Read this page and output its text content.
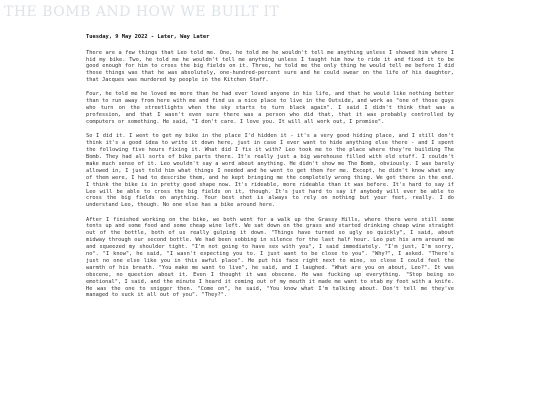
THE BOMB AND HOW WE BUILT IT
Tuesday, 9 May 2022 - Later, Way Later

There are a few things that Leo told me. One, he told me he wouldn't tell me anything unless I showed him where I hid my bike. Two, he told me he wouldn't tell me anything unless I taught him how to ride it and fixed it to be good enough for him to cross the big fields on it. Three, he told me the only thing he would tell me before I did those things was that he was absolutely, one-hundred-percent sure and he could swear on the life of his daughter, that Jacques was murdered by people in the Kitchen Staff.

Four, he told me he loved me more than he had ever loved anyone in his life, and that he would like nothing better than to run away from here with me and find us a nice place to live in the Outside, and work as "one of those guys who turn on the streetlights when the sky starts to turn black again". I said I didn't think that was a profession, and that I wasn't even sure there was a person who did that, that it was probably controlled by computers or something. He said, "I don't care. I love you. It will all work out, I promise".

So I did it. I went to get my bike in the place I'd hidden it - it's a very good hiding place, and I still don't think it's a good idea to write it down here, just in case I ever want to hide anything else there - and I spent the following five hours fixing it. What did I fix it with? Leo took me to the place where they're building The Bomb. They had all sorts of bike parts there. It's really just a big warehouse filled with old stuff. I couldn't make much sense of it. Leo wouldn't say a word about anything. He didn't show me The Bomb, obviously. I was barely allowed in, I just told him what things I needed and he went to get them for me. Except, he didn't know what any of them were, I had to describe them, and he kept bringing me the completely wrong thing. We got there in the end. I think the bike is in pretty good shape now. It's rideable, more rideable than it was before. It's hard to say if Leo will be able to cross the big fields on it, though. It's just hard to say if anybody will ever be able to cross the big fields on anything. Your best shot is always to rely on nothing but your feet, really. I do understand Leo, though. No one else has a bike around here.

After I finished working on the bike, we both went for a walk up the Grassy Hills, where there were still some tents up and some food and some cheap wine left. We sat down on the grass and started drinking cheap wine straight out of the bottle, both of us really gulping it down. "Things have turned so ugly so quickly", I said, about midway through our second bottle. We had been sobbing in silence for the last half hour. Leo put his arm around me and squeezed my shoulder tight. "I'm not going to have sex with you", I said immediately. "I'm just, I'm sorry, no". "I know", he said, "I wasn't expecting you to. I just want to be close to you". "Why?", I asked. "There's just no one else like you in this awful place". He put his face right next to mine, so close I could feel the warmth of his breath. "You make me want to live", he said, and I laughed. "What are you on about, Leo?". It was obscene, no question about it. Even I thought it was obscene. He was fucking up everything. "Stop being so emotional", I said, and the minute I heard it coming out of my mouth it made me want to stab my foot with a knife. He was the one to snigger then. "Come on", he said, "You know what I'm talking about. Don't tell me they've managed to suck it all out of you". "They?".
